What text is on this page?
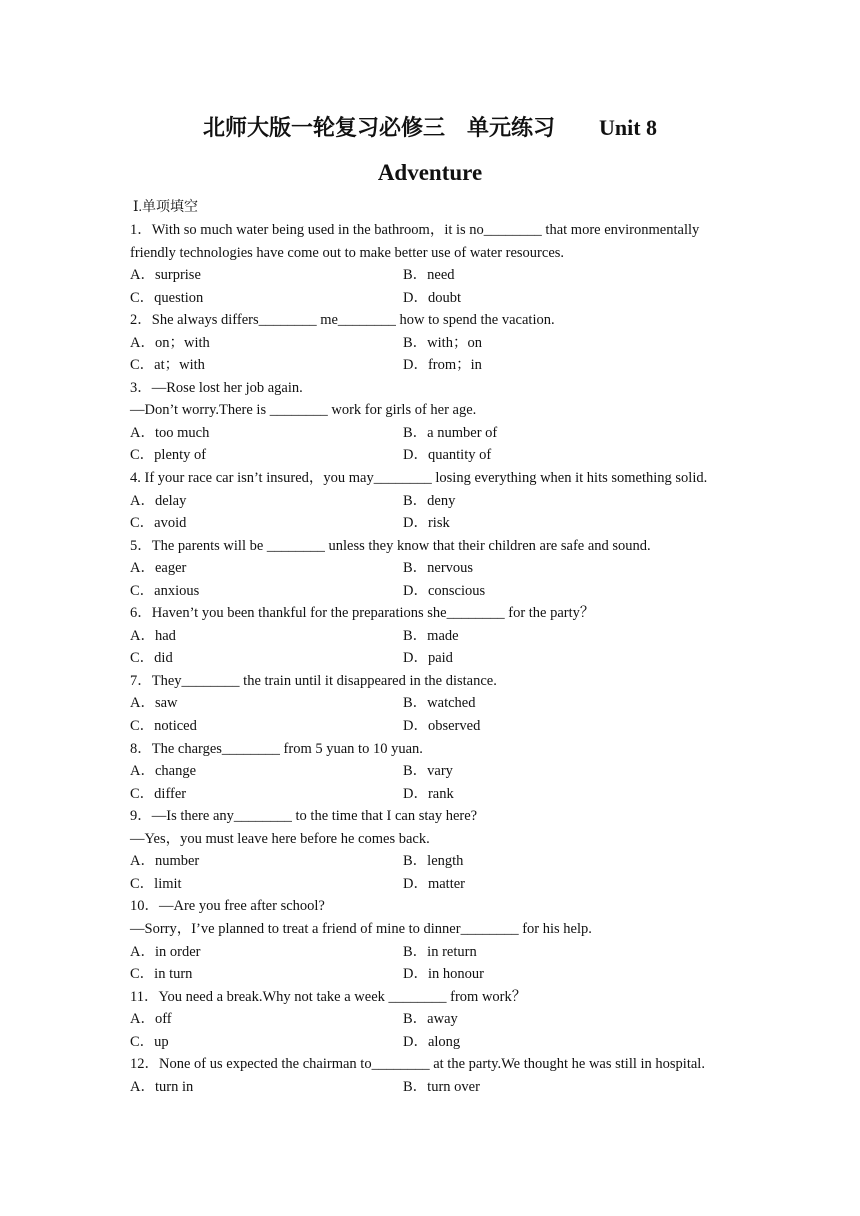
北师大版一轮复习必修三　单元练习　　Unit 8
Adventure
Ⅰ.单项填空
1．With so much water being used in the bathroom，it is no________ that more environmentally
friendly technologies have come out to make better use of water resources.
A．surprise	B．need
C．question	D．doubt
2．She always differs________ me________ how to spend the vacation.
A．on；with	B．with；on
C．at；with	D．from；in
3．—Rose lost her job again.
—Don’t worry.There is ________ work for girls of her age.
A．too much	B．a number of
C．plenty of	D．quantity of
4. If your race car isn’t insured，you may________ losing everything when it hits something solid.
A．delay	B．deny
C．avoid	D．risk
5．The parents will be ________ unless they know that their children are safe and sound.
A．eager	B．nervous
C．anxious	D．conscious
6．Haven’t you been thankful for the preparations she________ for the party？
A．had	B．made
C．did	D．paid
7．They________ the train until it disappeared in the distance.
A．saw	B．watched
C．noticed	D．observed
8．The charges________ from 5 yuan to 10 yuan.
A．change	B．vary
C．differ	D．rank
9．—Is there any________ to the time that I can stay here?
—Yes，you must leave here before he comes back.
A．number	B．length
C．limit	D．matter
10．—Are you free after school?
—Sorry，I’ve planned to treat a friend of mine to dinner________ for his help.
A．in order	B．in return
C．in turn	D．in honour
11．You need a break.Why not take a week ________ from work？
A．off	B．away
C．up	D．along
12．None of us expected the chairman to________ at the party.We thought he was still in hospital.
A．turn in	B．turn over
